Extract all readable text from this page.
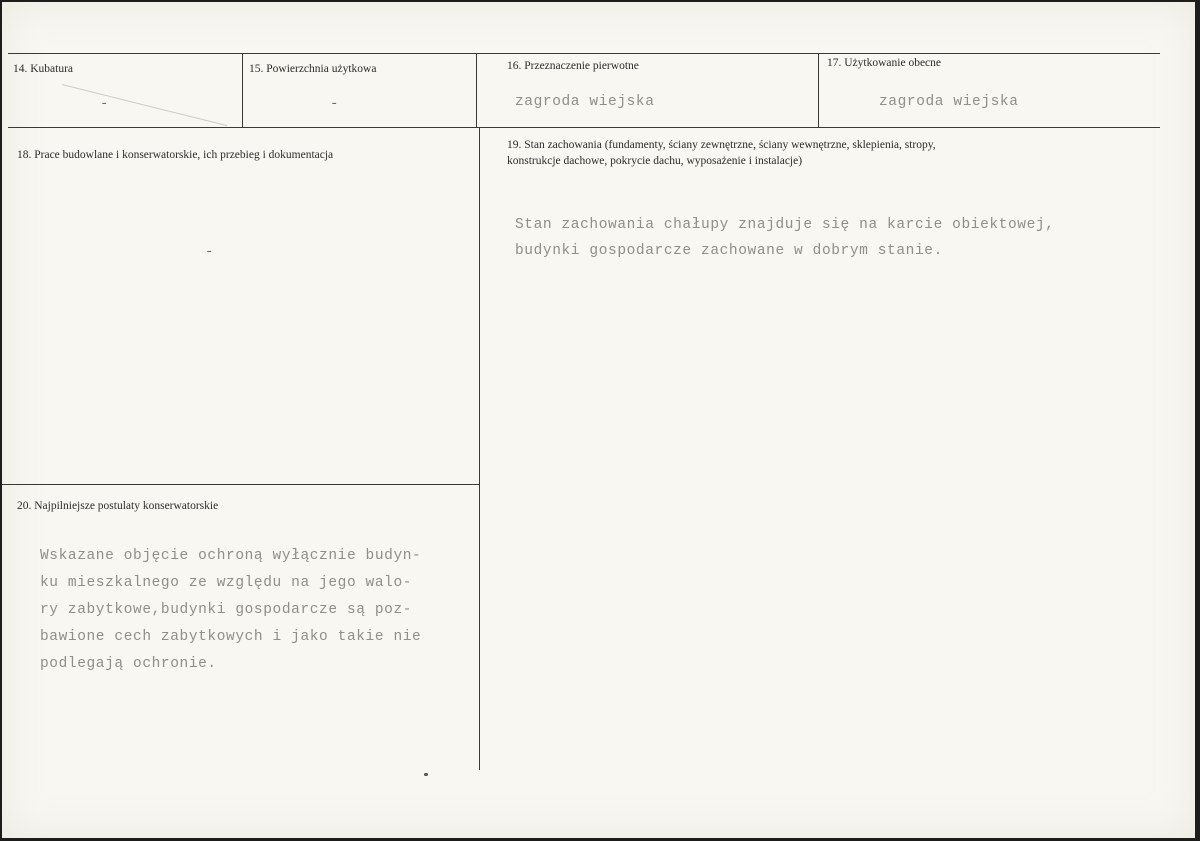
14. Kubatura
-
15. Powierzchnia użytkowa
-
16. Przeznaczenie pierwotne
zagroda wiejska
17. Użytkowanie obecne
zagroda wiejska
18. Prace budowlane i konserwatorskie, ich przebieg i dokumentacja
-
19. Stan zachowania (fundamenty, ściany zewnętrzne, ściany wewnętrzne, sklepienia, stropy,
konstrukcje dachowe, pokrycie dachu, wyposażenie i instalacje)
Stan zachowania chałupy znajduje się na karcie obiektowej,
budynki gospodarcze zachowane w dobrym stanie.
20. Najpilniejsze postulaty konserwatorskie
Wskazane objęcie ochroną wyłącznie budyn-
ku mieszkalnego ze względu na jego walo-
ry zabytkowe,budynki gospodarcze są poz-
bawione cech zabytkowych i jako takie nie
podlegają ochronie.
